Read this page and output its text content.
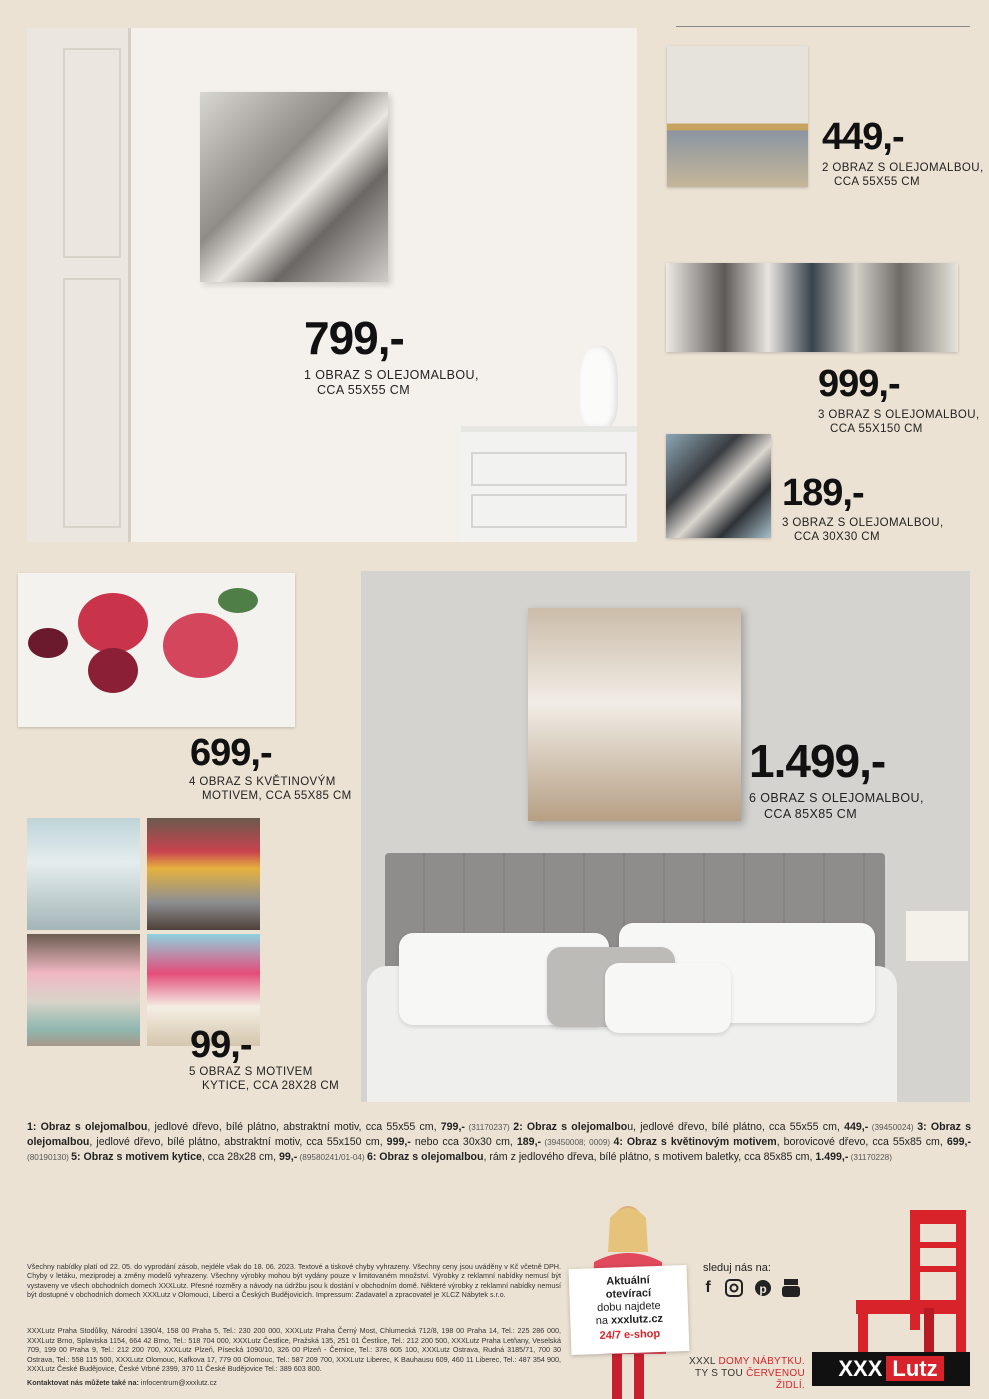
799,-
1 OBRAZ S OLEJOMALBOU,
CCA 55X55 CM
449,-
2 OBRAZ S OLEJOMALBOU,
CCA 55X55 CM
999,-
3 OBRAZ S OLEJOMALBOU,
CCA 55X150 CM
189,-
3 OBRAZ S OLEJOMALBOU,
CCA 30X30 CM
699,-
4 OBRAZ S KVĚTINOVÝM
MOTIVEM, CCA 55X85 CM
1.499,-
6 OBRAZ S OLEJOMALBOU,
CCA 85X85 CM
99,-
5 OBRAZ S MOTIVEM
KYTICE, CCA 28X28 CM
1: Obraz s olejomalbou, jedlové dřevo, bílé plátno, abstraktní motiv, cca 55x55 cm, 799,- (31170237) 2: Obraz s olejomalbou, jedlové dřevo, bílé plátno, cca 55x55 cm, 449,- (39450024) 3: Obraz s olejomalbou, jedlové dřevo, bílé plátno, abstraktní motiv, cca 55x150 cm, 999,- nebo cca 30x30 cm, 189,- (39450008; 0009) 4: Obraz s květinovým motivem, borovicové dřevo, cca 55x85 cm, 699,- (80190130) 5: Obraz s motivem kytice, cca 28x28 cm, 99,- (89580241/01-04) 6: Obraz s olejomalbou, rám z jedlového dřeva, bílé plátno, s motivem baletky, cca 85x85 cm, 1.499,- (31170228)
Všechny nabídky platí od 22. 05. do vyprodání zásob, nejdéle však do 18. 06. 2023. Textové a tiskové chyby vyhrazeny. Všechny ceny jsou uváděny v Kč včetně DPH. Chyby v letáku, meziprodej a změny modelů vyhrazeny. Všechny výrobky mohou být vydány pouze v limitovaném množství. Výrobky z reklamní nabídky nemusí být vystaveny ve všech obchodních domech XXXLutz. Přesné rozměry a návody na údržbu jsou k dostání v obchodním domě. Některé výrobky z reklamní nabídky nemusí být dostupné v obchodních domech XXXLutz v Olomouci, Liberci a Českých Budějovicích. Impressum: Zadavatel a zpracovatel je XLCZ Nábytek s.r.o.
XXXLutz Praha Stodůlky, Národní 1390/4, 158 00 Praha 5, Tel.: 230 200 000, XXXLutz Praha Černý Most, Chlumecká 712/8, 198 00 Praha 14, Tel.: 225 286 000, XXXLutz Brno, Splaviska 1154, 664 42 Brno, Tel.: 518 704 000, XXXLutz Čestlice, Pražská 135, 251 01 Čestlice, Tel.: 212 200 500, XXXLutz Praha Letňany, Veselská 709, 199 00 Praha 9, Tel.: 212 200 700, XXXLutz Plzeň, Písecká 1090/10, 326 00 Plzeň - Černice, Tel.: 378 605 100, XXXLutz Ostrava, Rudná 3185/71, 700 30 Ostrava, Tel.: 558 115 500, XXXLutz Olomouc, Kafkova 17, 779 00 Olomouc, Tel.: 587 209 700, XXXLutz Liberec, K Bauhausu 609, 460 11 Liberec, Tel.: 487 354 900, XXXLutz České Budějovice, České Vrbné 2399, 370 11 České Budějovice Tel.: 389 603 800.
Kontaktovat nás můžete také na: infocentrum@xxxlutz.cz
Aktuální
otevírací
dobu najdete
na xxxlutz.cz
24/7 e-shop
sleduj nás na:
f	p
XXXL DOMY NÁBYTKU.
TY S TOU ČERVENOU ŽIDLÍ.
XXX Lutz
